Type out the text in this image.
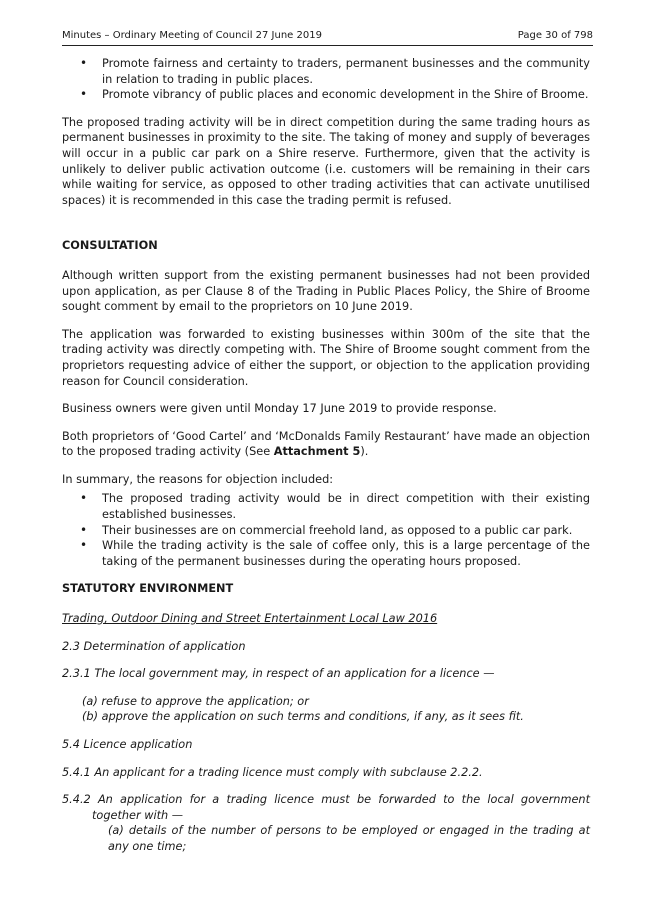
Minutes – Ordinary Meeting of Council 27 June 2019	Page 30 of 798
• Promote fairness and certainty to traders, permanent businesses and the community in relation to trading in public places.
• Promote vibrancy of public places and economic development in the Shire of Broome.

The proposed trading activity will be in direct competition during the same trading hours as permanent businesses in proximity to the site. The taking of money and supply of beverages will occur in a public car park on a Shire reserve. Furthermore, given that the activity is unlikely to deliver public activation outcome (i.e. customers will be remaining in their cars while waiting for service, as opposed to other trading activities that can activate unutilised spaces) it is recommended in this case the trading permit is refused.

CONSULTATION

Although written support from the existing permanent businesses had not been provided upon application, as per Clause 8 of the Trading in Public Places Policy, the Shire of Broome sought comment by email to the proprietors on 10 June 2019.

The application was forwarded to existing businesses within 300m of the site that the trading activity was directly competing with. The Shire of Broome sought comment from the proprietors requesting advice of either the support, or objection to the application providing reason for Council consideration.

Business owners were given until Monday 17 June 2019 to provide response.

Both proprietors of ‘Good Cartel’ and ‘McDonalds Family Restaurant’ have made an objection to the proposed trading activity (See Attachment 5).

In summary, the reasons for objection included:

• The proposed trading activity would be in direct competition with their existing established businesses.
• Their businesses are on commercial freehold land, as opposed to a public car park.
• While the trading activity is the sale of coffee only, this is a large percentage of the taking of the permanent businesses during the operating hours proposed.

STATUTORY ENVIRONMENT

Trading, Outdoor Dining and Street Entertainment Local Law 2016

2.3 Determination of application

2.3.1 The local government may, in respect of an application for a licence —

(a) refuse to approve the application; or

(b) approve the application on such terms and conditions, if any, as it sees fit.

5.4 Licence application

5.4.1 An applicant for a trading licence must comply with subclause 2.2.2.

5.4.2 An application for a trading licence must be forwarded to the local government together with —

(a) details of the number of persons to be employed or engaged in the trading at any one time;
